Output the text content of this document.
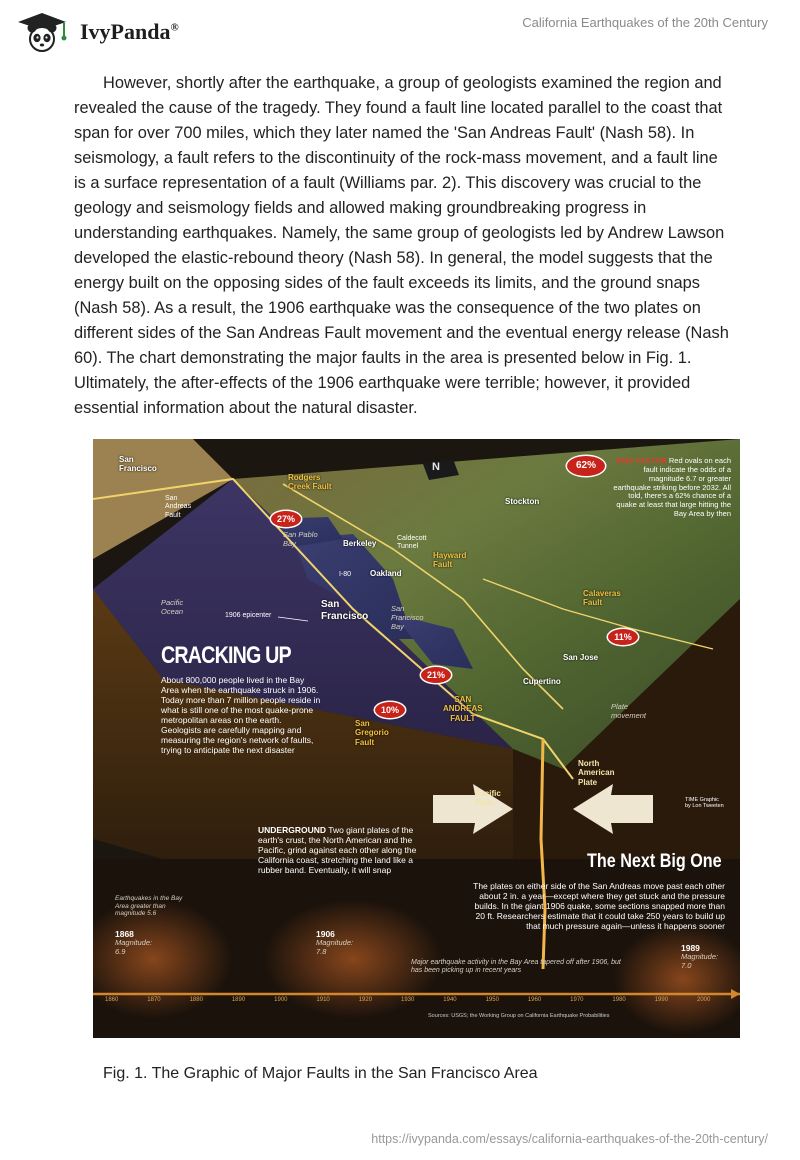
IvyPanda®	California Earthquakes of the 20th Century

However, shortly after the earthquake, a group of geologists examined the region and revealed the cause of the tragedy. They found a fault line located parallel to the coast that span for over 700 miles, which they later named the 'San Andreas Fault' (Nash 58). In seismology, a fault refers to the discontinuity of the rock-mass movement, and a fault line is a surface representation of a fault (Williams par. 2). This discovery was crucial to the geology and seismology fields and allowed making groundbreaking progress in understanding earthquakes. Namely, the same group of geologists led by Andrew Lawson developed the elastic-rebound theory (Nash 58). In general, the model suggests that the energy built on the opposing sides of the fault exceeds its limits, and the ground snaps (Nash 58). As a result, the 1906 earthquake was the consequence of the two plates on different sides of the San Andreas Fault movement and the eventual energy release (Nash 60). The chart demonstrating the major faults in the area is presented below in Fig. 1. Ultimately, the after-effects of the 1906 earthquake were terrible; however, it provided essential information about the natural disaster.

San
Francisco
San
Andreas
Fault
Rodgers
Creek Fault
San Pablo
Bay
Stockton
Berkeley
Caldecott
Tunnel
Hayward
Fault
Oakland
I-80
Pacific
Ocean	1906 epicenter
San
Francisco
San
Francisco
Bay
Calaveras
Fault
San Jose
Cupertino
SAN
ANDREAS
FAULT
San
Gregorio
Fault
Plate
movement
North
American
Plate
Pacific
Plate	TIME Graphic
by Lon Tweeten
N	62%	RISK FACTOR Red ovals on each fault indicate the odds of a magnitude 6.7 or greater earthquake striking before 2032. All told, there's a 62% chance of a quake at least that large hitting the Bay Area by then
27%
21%
11%
10%
CRACKING UP
About 800,000 people lived in the Bay Area when the earthquake struck in 1906. Today more than 7 million people reside in what is still one of the most quake-prone metropolitan areas on the earth. Geologists are carefully mapping and measuring the region's network of faults, trying to anticipate the next disaster
UNDERGROUND Two giant plates of the earth's crust, the North American and the Pacific, grind against each other along the California coast, stretching the land like a rubber band. Eventually, it will snap	The Next Big One
The plates on either side of the San Andreas move past each other about 2 in. a year—except where they get stuck and the pressure builds. In the giant 1906 quake, some sections snapped more than 20 ft. Researchers estimate that it could take 250 years to build up that much pressure again—unless it happens sooner
Earthquakes in the Bay Area greater than magnitude 5.6
1868
Magnitude:
6.9
1906
Magnitude:
7.8	1989
Magnitude:
7.0
Major earthquake activity in the Bay Area tapered off after 1906, but has been picking up in recent years
1860	1870	1880	1890	1900	1910	1920	1930	1940	1950	1960	1970	1980	1990	2000
Sources: USGS; the Working Group on California Earthquake Probabilities
Fig. 1. The Graphic of Major Faults in the San Francisco Area
https://ivypanda.com/essays/california-earthquakes-of-the-20th-century/
